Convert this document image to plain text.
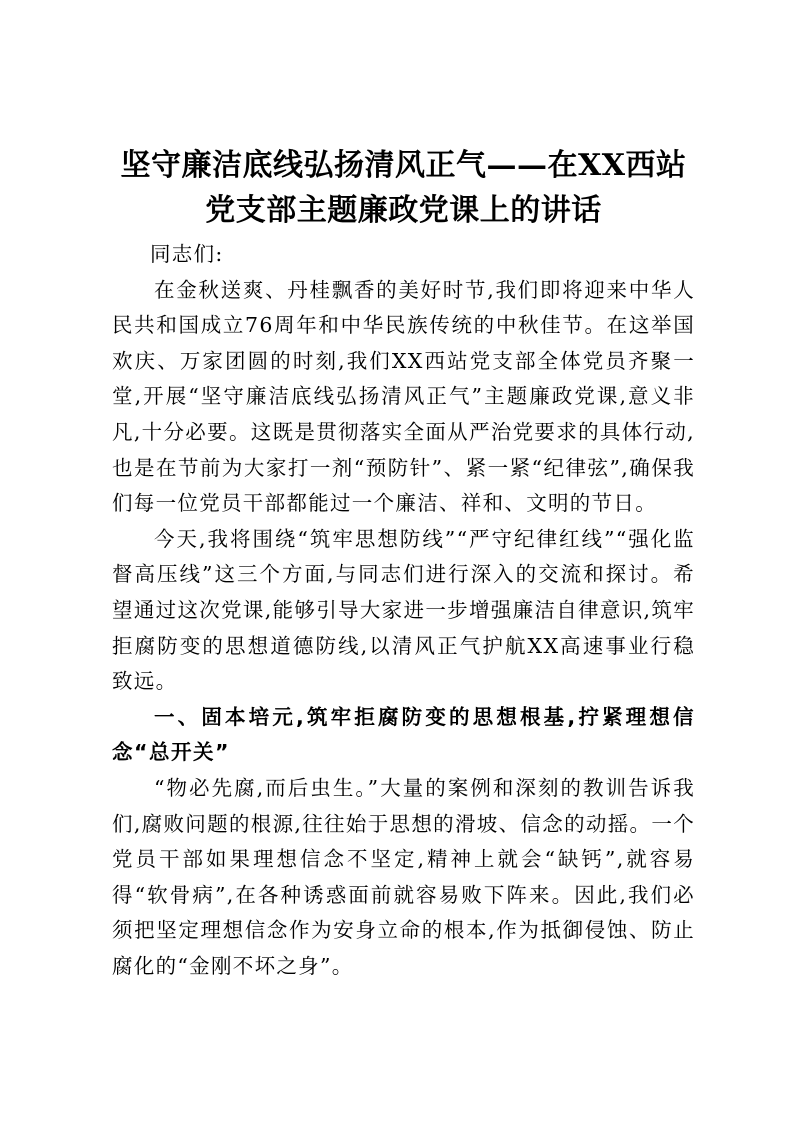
坚守廉洁底线弘扬清风正气——在XX西站党支部主题廉政党课上的讲话

同志们:

在金秋送爽、丹桂飘香的美好时节,我们即将迎来中华人民共和国成立76周年和中华民族传统的中秋佳节。在这举国欢庆、万家团圆的时刻,我们XX西站党支部全体党员齐聚一堂,开展“坚守廉洁底线弘扬清风正气”主题廉政党课,意义非凡,十分必要。这既是贯彻落实全面从严治党要求的具体行动,也是在节前为大家打一剂“预防针”、紧一紧“纪律弦”,确保我们每一位党员干部都能过一个廉洁、祥和、文明的节日。

今天,我将围绕“筑牢思想防线”“严守纪律红线”“强化监督高压线”这三个方面,与同志们进行深入的交流和探讨。希望通过这次党课,能够引导大家进一步增强廉洁自律意识,筑牢拒腐防变的思想道德防线,以清风正气护航XX高速事业行稳致远。

一、固本培元,筑牢拒腐防变的思想根基,拧紧理想信念“总开关”

“物必先腐,而后虫生。”大量的案例和深刻的教训告诉我们,腐败问题的根源,往往始于思想的滑坡、信念的动摇。一个党员干部如果理想信念不坚定,精神上就会“缺钙”,就容易得“软骨病”,在各种诱惑面前就容易败下阵来。因此,我们必须把坚定理想信念作为安身立命的根本,作为抵御侵蚀、防止腐化的“金刚不坏之身”。
